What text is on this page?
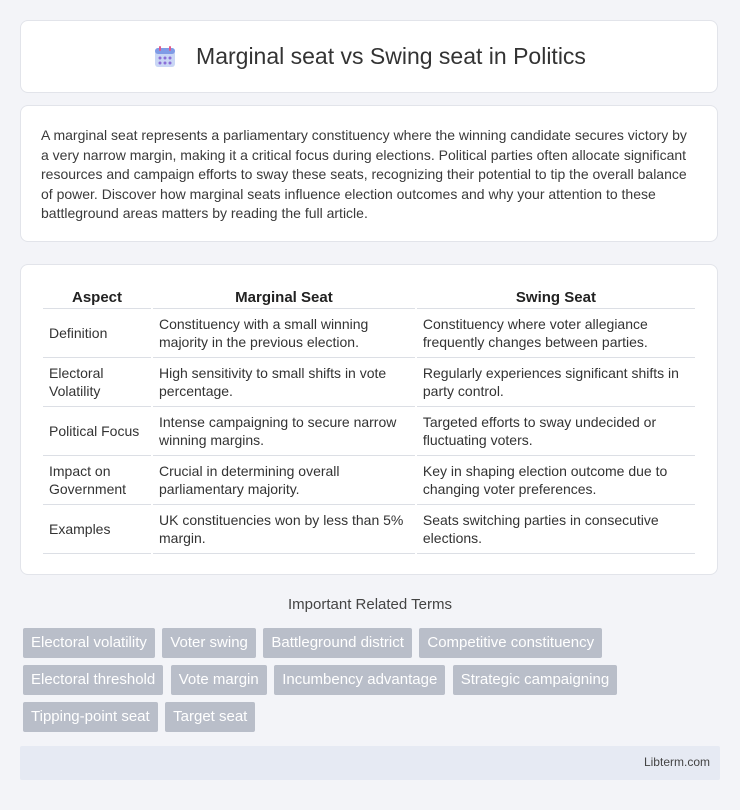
Marginal seat vs Swing seat in Politics

A marginal seat represents a parliamentary constituency where the winning candidate secures victory by a very narrow margin, making it a critical focus during elections. Political parties often allocate significant resources and campaign efforts to sway these seats, recognizing their potential to tip the overall balance of power. Discover how marginal seats influence election outcomes and why your attention to these battleground areas matters by reading the full article.

Aspect	Marginal Seat	Swing Seat
Definition	Constituency with a small winning majority in the previous election.	Constituency where voter allegiance frequently changes between parties.
Electoral Volatility	High sensitivity to small shifts in vote percentage.	Regularly experiences significant shifts in party control.
Political Focus	Intense campaigning to secure narrow winning margins.	Targeted efforts to sway undecided or fluctuating voters.
Impact on Government	Crucial in determining overall parliamentary majority.	Key in shaping election outcome due to changing voter preferences.
Examples	UK constituencies won by less than 5% margin.	Seats switching parties in consecutive elections.
Important Related Terms
Electoral volatility Voter swing Battleground district Competitive constituency Electoral threshold Vote margin Incumbency advantage Strategic campaigning Tipping-point seat Target seat
Libterm.com
